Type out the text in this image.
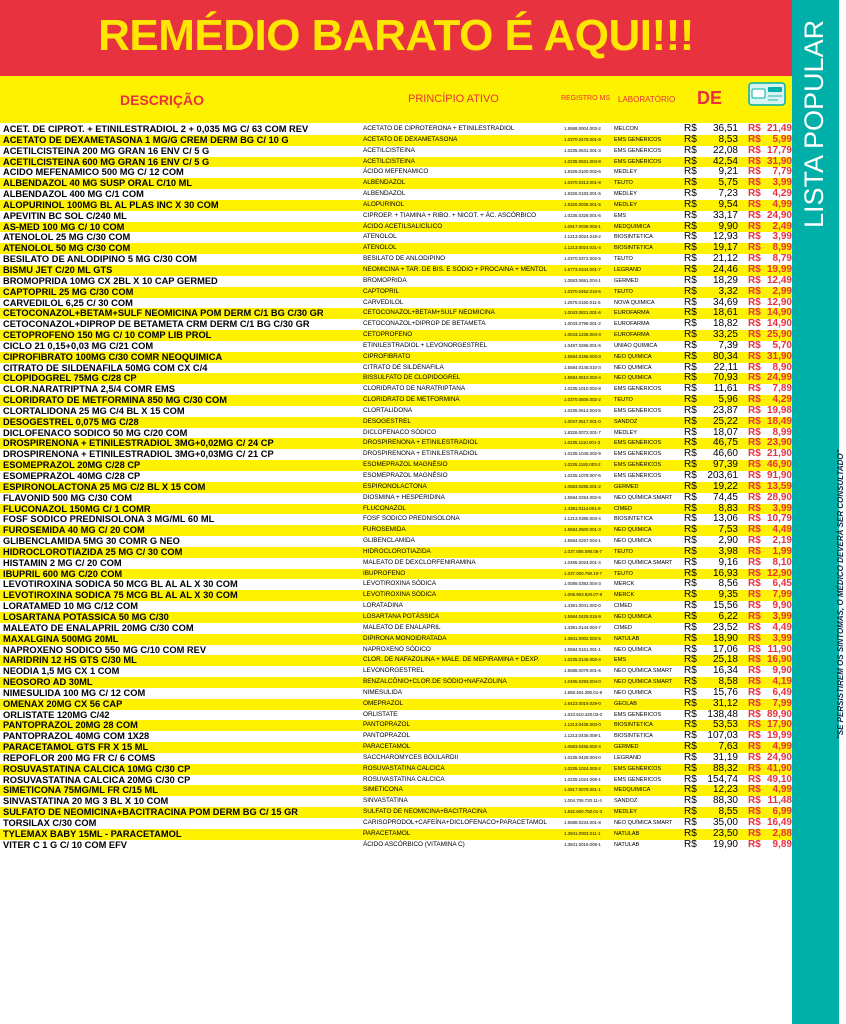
REMÉDIO BARATO É AQUI!!!
DESCRIÇÃO	PRINCÍPIO ATIVO	REGISTRO MS LABORATÓRIO DE
"SE PERSISTIREM OS SINTOMAS, O MÉDICO DEVERÁ SER CONSULTADO"
ACET. DE CIPROT. + ETINILESTRADIOL 2 + 0,035 MG C/ 63 COM REV	ACETATO DE CIPROTERONA + ETINILESTRADIOL	1.5588.0004.003-2	MELCON	R$	36,51 R$ 21,49
ACETATO DE DEXAMETASONA 1 MG/G CREM DERM BG C/ 10 G	ACETATO DE DEXAMETASONA	1.0370.0478.001-9	EMS GENÉRICOS	R$	8,53 R$	5,99
ACETILCISTEINA 200 MG GRAN 16 ENV C/ 5 G	ACETILCISTEINA	1.0235.0631.001-3	EMS GENÉRICOS	R$	22,08 R$ 17,79
ACETILCISTEINA 600 MG GRAN 16 ENV C/ 5 G	ACETILCISTEINA	1.0235.0631.004-8	EMS GENÉRICOS	R$	42,54 R$ 31,90
ACIDO MEFENAMICO 500 MG C/ 12 COM	ÁCIDO MEFENAMICO	1.8326.0100.002-6	MEDLEY	R$	9,21 R$	7,79
ALBENDAZOL 40 MG SUSP ORAL C/10 ML	ALBENDAZOL	1.0370.0313.001-8	TEUTO	R$	5,75 R$	3,99
ALBENDAZOL 400 MG C/1 COM	ALBENDAZOL	1.8326.0183.001-5	MEDLEY	R$	7,23 R$	4,29
ALOPURINOL 100MG BL AL PLAS INC X 30 COM	ALOPURINOL	1.8326.0035.001-5	MEDLEY	R$	9,54 R$	4,99
APEVITIN BC SOL C/240 ML	CIPROEP. + TIAMINA + RIBO. + NICOT. + ÁC. ASCÓRBICO	1.0235.0328.001-6	EMS	R$	33,17 R$ 24,90
AS-MED 100 MG C/ 10 COM	ÁCIDO ACETILSALICÍLICO	1.0917.0039.003-1	MEDQUIMICA	R$	9,90 R$	2,49
ATENOLOL 25 MG C/30 COM	ATENOLOL	1.1213.0024.019-2	BIOSINTETICA	R$	12,93 R$	3,99
ATENOLOL 50 MG C/30 COM	ATENOLOL	1.1213.0024.021-4	BIOSINTETICA	R$	19,17 R$	8,99
BESILATO DE ANLODIPINO 5 MG C/30 COM	BESILATO DE ANLODIPINO	1.0370.0372.002-5	TEUTO	R$	21,12 R$	8,79
BISMU JET C/20 ML GTS	NEOMICINA + TAR. DE BIS. E SÓDIO + PROCAINA + MENTOL	1.6773.0344.001-7	LEGRAND	R$	24,46 R$ 19,99
BROMOPRIDA 10MG CX 2BL X 10 CAP GERMED	BROMOPRIDA	1.0583.0681.004-1	GERMED	R$	18,29 R$ 12,49
CAPTOPRIL 25 MG C/30 COM	CAPTOPRIL	1.0370.0452.018-6	TEUTO	R$	3,32 R$	2,99
CARVEDILOL 6,25 C/ 30 COM	CARVEDILOL	1.2675.0160.011-5	NOVA QUIMICA	R$	34,69 R$ 12,90
CETOCONAZOL+BETAM+SULF NEOMICINA POM DERM C/1 BG C/30 GR	CETOCONAZOL+BETAM+SULF NEOMICINA	1.0043.0821.001-6	EUROFARMA	R$	18,61 R$ 14,90
CETOCONAZOL+DIPROP DE BETAMETA CRM DERM C/1 BG C/30 GR	CETOCONAZOL+DIPROP DE BETAMETA	1.0043.0798.001-2	EUROFARMA	R$	18,82 R$ 14,90
CETOPROFENO 150 MG C/ 10 COMP LIB PROL	CETOPROFENO	1.0043.1236.004-3	EUROFARMA	R$	33,25 R$ 25,90
CICLO 21 0,15+0,03 MG C/21 COM	ETINILESTRADIOL + LEVONORGESTREL	1.0497.0286.001-6	UNIAO QUIMICA	R$	7,39 R$	5,70
CIPROFIBRATO 100MG C/30 COMR NEOQUIMICA	CIPROFIBRATO	1.5584.0186.003-3	NEO QUIMICA	R$	80,34 R$ 31,90
CITRATO DE SILDENAFILA 50MG COM CX C/4	CITRATO DE SILDENAFILA	1.5584.0145.010-3	NEO QUIMICA	R$	22,11 R$	8,90
CLOPIDOGREL 75MG C/28 CP	BISSULFATO DE CLOPIDOGREL	1.5584.0510.003-4	NEO QUIMICA	R$	70,93 R$ 24,99
CLOR.NARATRIPTNA 2,5/4 COMR EMS	CLORIDRATO DE NARATRIPTANA	1.0235.1010.002-8	EMS GENÉRICOS	R$	11,61 R$	7,89
CLORIDRATO DE METFORMINA 850 MG C/30 COM	CLORIDRATO DE METFORMINA	1.0370.0506.002-2	TEUTO	R$	5,96 R$	4,29
CLORTALIDONA 25 MG C/4 BL X 15 COM	CLORTALIDONA	1.0235.0614.004-5	EMS GENÉRICOS	R$	23,87 R$ 19,98
DESOGESTREL 0,075 MG C/28	DESOGESTREL	1.0047.0517.001-0	SANDOZ	R$	25,22 R$ 18,49
DICLOFENACO SODICO 50 MG C/20 COM	DICLOFENACO SÓDICO	1.8326.0072.001-7	MEDLEY	R$	18,07 R$	8,99
DROSPIRENONA + ETINILESTRADIOL 3MG+0,02MG C/ 24 CP	DROSPIRENONA + ETINILESTRADIOL	1.0235.1110.001-3	EMS GENÉRICOS	R$	46,75 R$ 23,90
DROSPIRENONA + ETINILESTRADIOL 3MG+0,03MG C/ 21 CP	DROSPIRENONA + ETINILESTRADIOL	1.0235.1045.002-9	EMS GENÉRICOS	R$	46,60 R$ 21,90
ESOMEPRAZOL 20MG C/28 CP	ESOMEPRAZOL MAGNÉSIO	1.0235.1182.003-2	EMS GENÉRICOS	R$	97,39 R$ 46,90
ESOMEPRAZOL 40MG C/28 CP	ESOMEPRAZOL MAGNÉSIO	1.0235.1078.007-6	EMS GENÉRICOS	R$	203,61 R$ 91,90
ESPIRONOLACTONA 25 MG C/2 BL X 15 COM	ESPIRONOLACTONA	1.0583.0285.001-2	GERMED	R$	19,22 R$ 13,59
FLAVONID 500 MG C/30 COM	DIOSMINA + HESPERIDINA	1.5584.0254.002-6	NEO QUÍMICA SMART	R$	74,45 R$ 28,90
FLUCONAZOL 150MG C/ 1 COMR	FLUCONAZOL	1.4381.0114.001-9	CIMED	R$	8,83 R$	3,99
FOSF SODICO PREDNISOLONA 3 MG/ML 60 ML	FOSF SODICO PREDNISOLONA	1.1213.0385.003-4	BIOSINTETICA	R$	13,06 R$ 10,79
FUROSEMIDA 40 MG C/ 20 COM	FUROSEMIDA	1.5584.0500.001-3	NEO QUIMICA	R$	7,53 R$	4,49
GLIBENCLAMIDA 5MG 30 COMR G NEO	GLIBENCLAMIDA	1.5584.0267.004-1	NEO QUIMICA	R$	2,90 R$	2,19
HIDROCLOROTIAZIDA 25 MG C/ 30 COM	HIDROCLOROTIAZIDA	1.037.006.090.05-7	TEUTO	R$	3,98 R$	1,99
HISTAMIN 2 MG C/ 20 COM	MALEATO DE DEXCLORFENIRAMINA	1.0485.0024.001-4	NEO QUÍMICA SMART	R$	9,16 R$	8,10
IBUPRIL 600 MG C/20 COM	IBUPROFENO	1.037.000.790.10-7	TEUTO	R$	16,93 R$ 12,90
LEVOTIROXINA SODICA 50 MCG BL AL AL X 30 COM	LEVOTIROXINA SÓDICA	1.0089.0392.004-3	MERCK	R$	8,56 R$	6,45
LEVOTIROXINA SODICA 75 MCG BL AL AL X 30 COM	LEVOTIROXINA SÓDICA	1.008.903.920.07-8	MERCK	R$	9,35 R$	7,99
LORATAMED 10 MG C/12 COM	LORATADINA	1.4381.0041.002-0	CIMED	R$	15,56 R$	9,90
LOSARTANA POTASSICA 50 MG C/30	LOSARTANA POTÁSSICA	1.5584.0428.015-9	NEO QUIMICA	R$	6,22 R$	3,99
MALEATO DE ENALAPRIL 20MG C/30 COM	MALEATO DE ENALAPRIL	1.4381.0144.004-7	CIMED	R$	23,52 R$	4,49
MAXALGINA 500MG 20ML	DIPIRONA MONOIDRATADA	1.3841.0002.002-5	NATULAB	R$	18,90 R$	3,99
NAPROXENO SODICO 550 MG C/10 COM REV	NAPROXENO SÓDICO	1.5584.0161.001-1	NEO QUIMICA	R$	17,06 R$ 11,90
NARIDRIN 12 HS GTS C/30 ML	CLOR. DE NAFAZOLINA + MALE. DE MEPIRAMINA + DEXP.	1.0235.0145.003-4	EMS	R$	25,18 R$ 16,90
NEODIA 1,5 MG CX 1 COM	LEVONORGESTREL	1.5588.0079.001-6	NEO QUÍMICA SMART	R$	16,34 R$	9,90
NEOSORO AD 30ML	BENZALCÔNIO+CLOR.DE SÓDIO+NAFAZOLINA	1.0485.0293.004-0	NEO QUÍMICA SMART	R$	8,58 R$	4,19
NIMESULIDA 100 MG C/ 12 COM	NIMESULIDA	1.558.404.390.01-9	NEO QUIMICA	R$	15,76 R$	6,49
OMENAX 20MG CX 56 CAP	OMEPRAZOL	1.5423.0019.029-0	GEOLAB	R$	31,12 R$	7,99
ORLISTATE 120MG C/42	ORLISTATE	1.023.510.420.03-0	EMS GENÉRICOS	R$	138,48 R$ 89,90
PANTOPRAZOL 20MG 28 COM	PANTOPRAZOL	1.1213.0435.003-0	BIOSINTETICA	R$	53,53 R$ 17,90
PANTOPRAZOL 40MG COM 1X28	PANTOPRAZOL	1.1213.0435.008-1	BIOSINTETICA	R$	107,03 R$ 19,99
PARACETAMOL GTS FR X 15 ML	PARACETAMOL	1.0583.0455.002-4	GERMED	R$	7,63 R$	4,99
REPOFLOR 200 MG FR C/ 6 COMS	SACCHAROMYCES BOULARDII	1.0235.0428.004-0	LEGRAND	R$	31,19 R$ 24,90
ROSUVASTATINA CALCICA 10MG C/30 CP	ROSUVASTATINA CALCICA	1.0235.1024.003-2	EMS GENÉRICOS	R$	88,32 R$ 41,90
ROSUVASTATINA CALCICA 20MG C/30 CP	ROSUVASTATINA CALCICA	1.0235.1024.008-1	EMS GENÉRICOS	R$	154,74 R$ 49,10
SIMETICONA 75MG/ML FR C/15 ML	SIMETICONA	1.0917.0078.001-1	MEDQUIMICA	R$	12,23 R$	4,99
SINVASTATINA 20 MG 3 BL X 10 COM	SINVASTATINA	1.004.706.720.11-4	SANDOZ	R$	88,30 R$ 11,48
SULFATO DE NEOMICINA+BACITRACINA POM DERM BG C/ 15 GR	SULFATO DE NEOMICINA+BACITRACINA	1.832.600.750.01-3	MEDLEY	R$	8,55 R$	6,99
TORSILAX C/30 COM	CARISOPRODOL+CAFEÍNA+DICLOFENACO+PARACETAMOL	1.5588.0234.001-8	NEO QUÍMICA SMART	R$	35,00 R$ 16,49
TYLEMAX BABY 15ML - PARACETAMOL	PARACETAMOL	1.3841.0003.011-1	NATULAB	R$	23,50 R$	2,88
VITER C 1 G C/ 10 COM EFV	ÁCIDO ASCÓRBICO (VITAMINA C)	1.3841.0018.008-1	NATULAB	R$	19,90 R$	9,89
